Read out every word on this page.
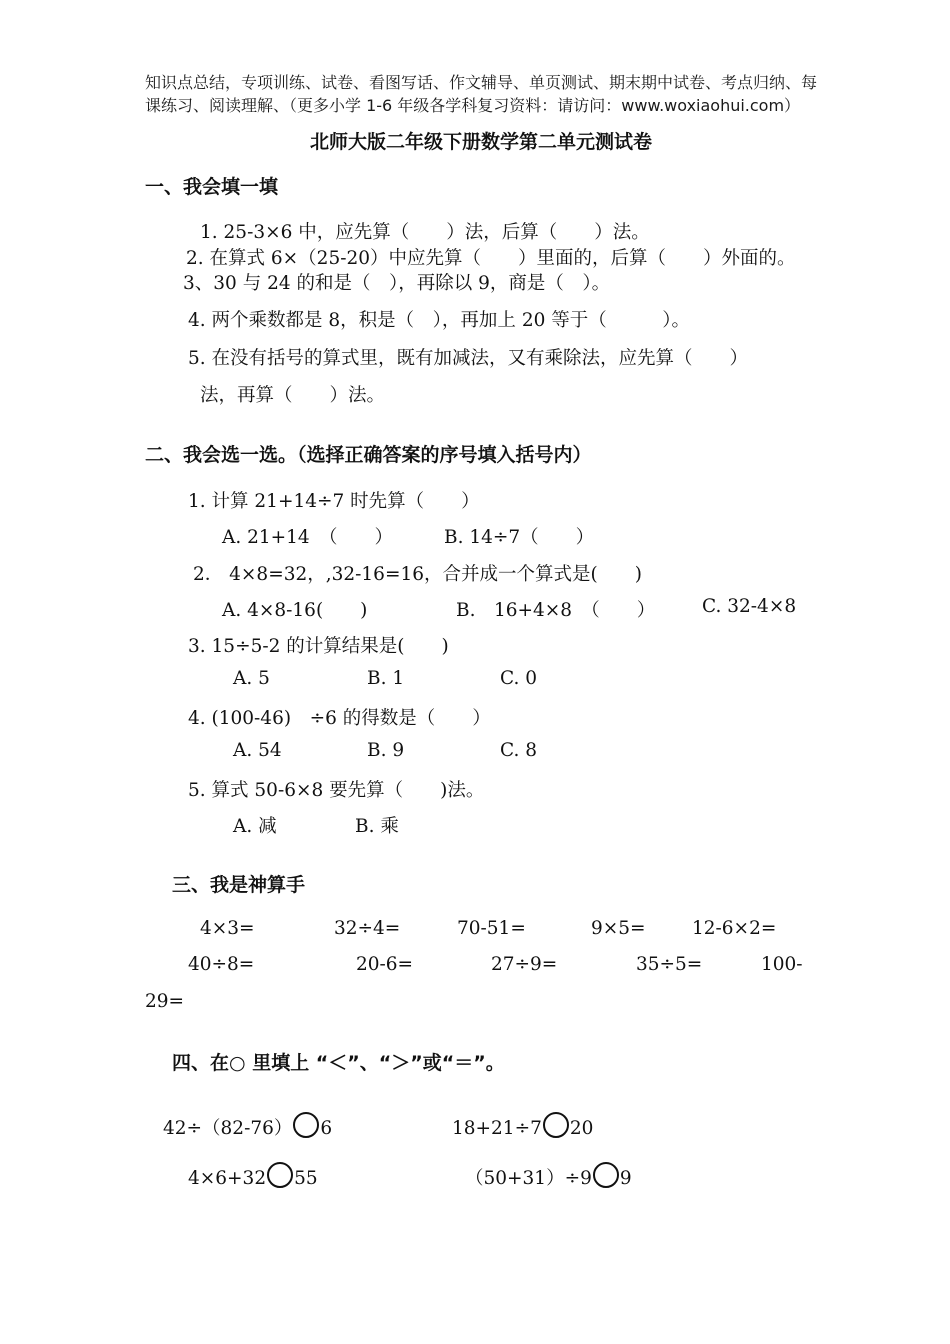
知识点总结，专项训练、试卷、看图写话、作文辅导、单页测试、期末期中试卷、考点归纳、每
课练习、阅读理解、（更多小学 1-6 年级各学科复习资料：请访问：www.woxiaohui.com）
北师大版二年级下册数学第二单元测试卷
一、我会填一填
1. 25-3×6 中，应先算（　　）法，后算（　　）法。
2. 在算式 6×（25-20）中应先算（　　）里面的，后算（　　）外面的。
3、30 与 24 的和是（　），再除以 9，商是（　）。
4. 两个乘数都是 8，积是（　），再加上 20 等于（　　　）。
5. 在没有括号的算式里，既有加减法，又有乘除法，应先算（　　）
法，再算（　　）法。
二、我会选一选。（选择正确答案的序号填入括号内）
1. 计算 21+14÷7 时先算（　　）
A. 21+14　（　　）	B. 14÷7（　　）
2． 4×8=32，,32-16=16，合并成一个算式是(　　)
A. 4×8-16(　　)	B.　16+4×8　（　　）	C. 32-4×8
3. 15÷5-2 的计算结果是(　　)
A. 5	B. 1	C. 0
4. (100-46)　÷6 的得数是（　　）
A. 54	B. 9	C. 8
5. 算式 50-6×8 要先算（　　)法。
A. 减	B. 乘
三、我是神算手
4×3=	32÷4=	70-51=	9×5=	12-6×2=
40÷8=	20-6=	27÷9=	35÷5=	100-
29=
四、在○ 里填上 “＜”、“＞”或“＝”。
42÷（82-76） 6	18+21÷7 20
4×6+32 55	（50+31）÷9 9
